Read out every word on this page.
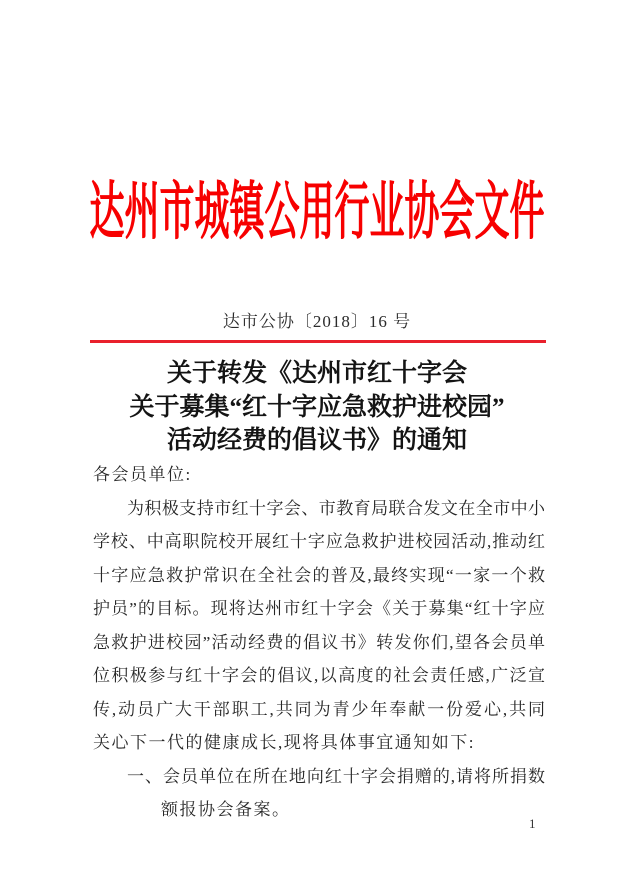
达州市城镇公用行业协会文件
达市公协〔2018〕16 号
关于转发《达州市红十字会
关于募集“红十字应急救护进校园”
活动经费的倡议书》的通知
各会员单位:
为积极支持市红十字会、市教育局联合发文在全市中小
学校、中高职院校开展红十字应急救护进校园活动,推动红
十字应急救护常识在全社会的普及,最终实现“一家一个救
护员”的目标。现将达州市红十字会《关于募集“红十字应
急救护进校园”活动经费的倡议书》转发你们,望各会员单
位积极参与红十字会的倡议,以高度的社会责任感,广泛宣
传,动员广大干部职工,共同为青少年奉献一份爱心,共同
关心下一代的健康成长,现将具体事宜通知如下:
一、会员单位在所在地向红十字会捐赠的,请将所捐数
额报协会备案。
1
